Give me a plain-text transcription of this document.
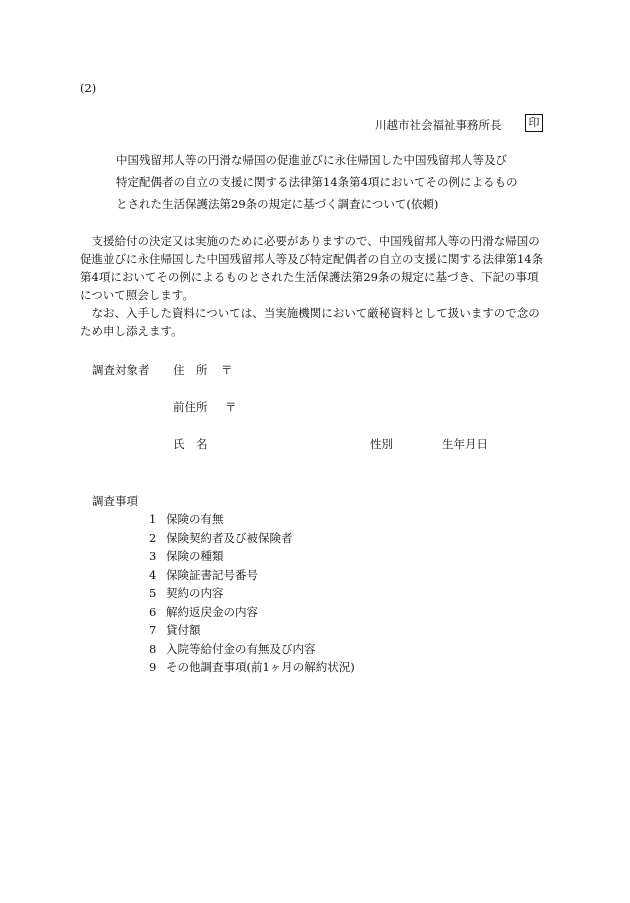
(2)
川越市社会福祉事務所長	印
中国残留邦人等の円滑な帰国の促進並びに永住帰国した中国残留邦人等及び
特定配偶者の自立の支援に関する法律第14条第4項においてその例によるもの
とされた生活保護法第29条の規定に基づく調査について(依頼)
　支援給付の決定又は実施のために必要がありますので、中国残留邦人等の円滑な帰国の
促進並びに永住帰国した中国残留邦人等及び特定配偶者の自立の支援に関する法律第14条
第4項においてその例によるものとされた生活保護法第29条の規定に基づき、下記の事項
について照会します。
　なお、入手した資料については、当実施機関において厳秘資料として扱いますので念の
ため申し添えます。
調査対象者 住　所 〒
前住所 〒
氏　名	性別	生年月日
調査事項
1 保険の有無
2 保険契約者及び被保険者
3 保険の種類
4 保険証書記号番号
5 契約の内容
6 解約返戻金の内容
7 貸付額
8 入院等給付金の有無及び内容
9 その他調査事項(前1ヶ月の解約状況)
